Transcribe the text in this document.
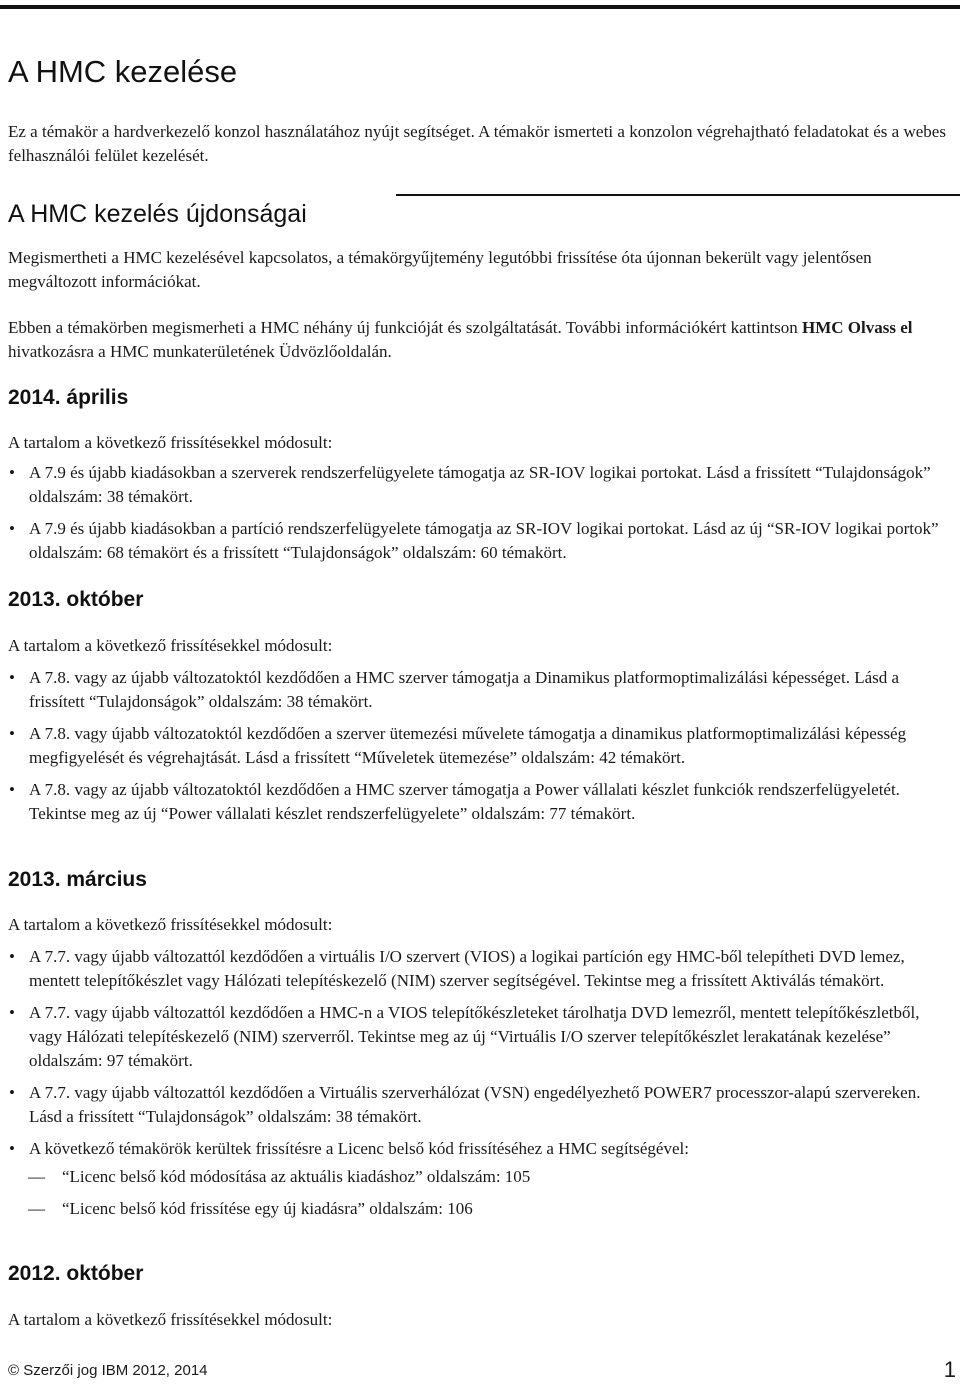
A HMC kezelése

Ez a témakör a hardverkezelő konzol használatához nyújt segítséget. A témakör ismerteti a konzolon végrehajtható feladatokat és a webes felhasználói felület kezelését.

A HMC kezelés újdonságai

Megismertheti a HMC kezelésével kapcsolatos, a témakörgyűjtemény legutóbbi frissítése óta újonnan bekerült vagy jelentősen megváltozott információkat.

Ebben a témakörben megismerheti a HMC néhány új funkcióját és szolgáltatását. További információkért kattintson HMC Olvass el hivatkozásra a HMC munkaterületének Üdvözlőoldalán.

2014. április

A tartalom a következő frissítésekkel módosult:

• A 7.9 és újabb kiadásokban a szerverek rendszerfelügyelete támogatja az SR-IOV logikai portokat. Lásd a frissített “Tulajdonságok” oldalszám: 38 témakört.
• A 7.9 és újabb kiadásokban a partíció rendszerfelügyelete támogatja az SR-IOV logikai portokat. Lásd az új “SR-IOV logikai portok” oldalszám: 68 témakört és a frissített “Tulajdonságok” oldalszám: 60 témakört.
2013. október

A tartalom a következő frissítésekkel módosult:

• A 7.8. vagy az újabb változatoktól kezdődően a HMC szerver támogatja a Dinamikus platformoptimalizálási képességet. Lásd a frissített “Tulajdonságok” oldalszám: 38 témakört.
• A 7.8. vagy újabb változatoktól kezdődően a szerver ütemezési művelete támogatja a dinamikus platformoptimalizálási képesség megfigyelését és végrehajtását. Lásd a frissített “Műveletek ütemezése” oldalszám: 42 témakört.
• A 7.8. vagy az újabb változatoktól kezdődően a HMC szerver támogatja a Power vállalati készlet funkciók rendszerfelügyeletét. Tekintse meg az új “Power vállalati készlet rendszerfelügyelete” oldalszám: 77 témakört.
2013. március

A tartalom a következő frissítésekkel módosult:

• A 7.7. vagy újabb változattól kezdődően a virtuális I/O szervert (VIOS) a logikai partíción egy HMC-ből telepítheti DVD lemez, mentett telepítőkészlet vagy Hálózati telepítéskezelő (NIM) szerver segítségével. Tekintse meg a frissített Aktiválás témakört.
• A 7.7. vagy újabb változattól kezdődően a HMC-n a VIOS telepítőkészleteket tárolhatja DVD lemezről, mentett telepítőkészletből, vagy Hálózati telepítéskezelő (NIM) szerverről. Tekintse meg az új “Virtuális I/O szerver telepítőkészlet lerakatának kezelése” oldalszám: 97 témakört.
• A 7.7. vagy újabb változattól kezdődően a Virtuális szerverhálózat (VSN) engedélyezhető POWER7 processzor-alapú szervereken. Lásd a frissített “Tulajdonságok” oldalszám: 38 témakört.
• A következő témakörök kerültek frissítésre a Licenc belső kód frissítéséhez a HMC segítségével:
— “Licenc belső kód módosítása az aktuális kiadáshoz” oldalszám: 105
— “Licenc belső kód frissítése egy új kiadásra” oldalszám: 106
2012. október

A tartalom a következő frissítésekkel módosult:

© Szerzői jog IBM 2012, 2014	1
